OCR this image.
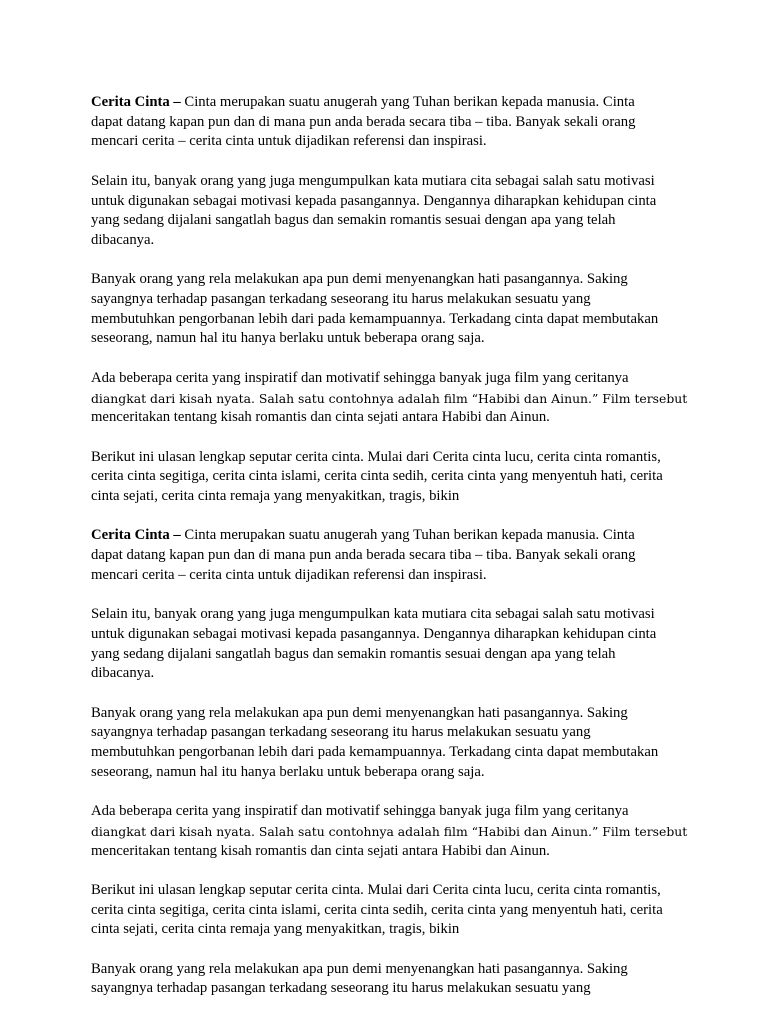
Cerita Cinta – Cinta merupakan suatu anugerah yang Tuhan berikan kepada manusia. Cinta
dapat datang kapan pun dan di mana pun anda berada secara tiba – tiba. Banyak sekali orang
mencari cerita – cerita cinta untuk dijadikan referensi dan inspirasi.

Selain itu, banyak orang yang juga mengumpulkan kata mutiara cita sebagai salah satu motivasi
untuk digunakan sebagai motivasi kepada pasangannya. Dengannya diharapkan kehidupan cinta
yang sedang dijalani sangatlah bagus dan semakin romantis sesuai dengan apa yang telah
dibacanya.

Banyak orang yang rela melakukan apa pun demi menyenangkan hati pasangannya. Saking
sayangnya terhadap pasangan terkadang seseorang itu harus melakukan sesuatu yang
membutuhkan pengorbanan lebih dari pada kemampuannya. Terkadang cinta dapat membutakan
seseorang, namun hal itu hanya berlaku untuk beberapa orang saja.

Ada beberapa cerita yang inspiratif dan motivatif sehingga banyak juga film yang ceritanya
diangkat dari kisah nyata. Salah satu contohnya adalah film “Habibi dan Ainun.” Film tersebut
menceritakan tentang kisah romantis dan cinta sejati antara Habibi dan Ainun.

Berikut ini ulasan lengkap seputar cerita cinta. Mulai dari Cerita cinta lucu, cerita cinta romantis,
cerita cinta segitiga, cerita cinta islami, cerita cinta sedih, cerita cinta yang menyentuh hati, cerita
cinta sejati, cerita cinta remaja yang menyakitkan, tragis, bikin

Cerita Cinta – Cinta merupakan suatu anugerah yang Tuhan berikan kepada manusia. Cinta
dapat datang kapan pun dan di mana pun anda berada secara tiba – tiba. Banyak sekali orang
mencari cerita – cerita cinta untuk dijadikan referensi dan inspirasi.

Selain itu, banyak orang yang juga mengumpulkan kata mutiara cita sebagai salah satu motivasi
untuk digunakan sebagai motivasi kepada pasangannya. Dengannya diharapkan kehidupan cinta
yang sedang dijalani sangatlah bagus dan semakin romantis sesuai dengan apa yang telah
dibacanya.

Banyak orang yang rela melakukan apa pun demi menyenangkan hati pasangannya. Saking
sayangnya terhadap pasangan terkadang seseorang itu harus melakukan sesuatu yang
membutuhkan pengorbanan lebih dari pada kemampuannya. Terkadang cinta dapat membutakan
seseorang, namun hal itu hanya berlaku untuk beberapa orang saja.

Ada beberapa cerita yang inspiratif dan motivatif sehingga banyak juga film yang ceritanya
diangkat dari kisah nyata. Salah satu contohnya adalah film “Habibi dan Ainun.” Film tersebut
menceritakan tentang kisah romantis dan cinta sejati antara Habibi dan Ainun.

Berikut ini ulasan lengkap seputar cerita cinta. Mulai dari Cerita cinta lucu, cerita cinta romantis,
cerita cinta segitiga, cerita cinta islami, cerita cinta sedih, cerita cinta yang menyentuh hati, cerita
cinta sejati, cerita cinta remaja yang menyakitkan, tragis, bikin

Banyak orang yang rela melakukan apa pun demi menyenangkan hati pasangannya. Saking
sayangnya terhadap pasangan terkadang seseorang itu harus melakukan sesuatu yang
